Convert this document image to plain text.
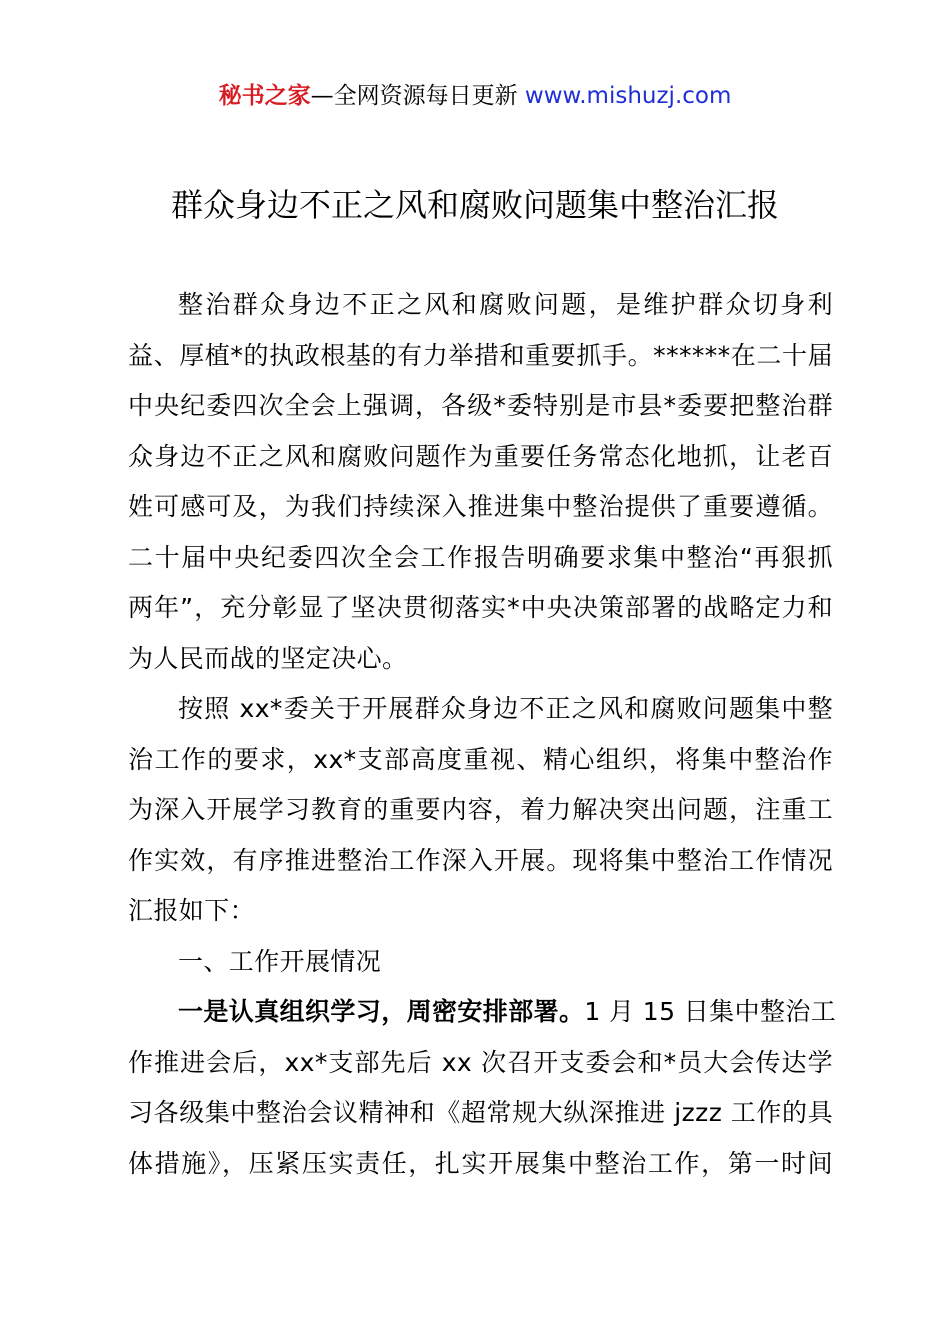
秘书之家—全网资源每日更新 www.mishuzj.com
群众身边不正之风和腐败问题集中整治汇报
整治群众身边不正之风和腐败问题，是维护群众切身利
益、厚植*的执政根基的有力举措和重要抓手。******在二十届
中央纪委四次全会上强调，各级*委特别是市县*委要把整治群
众身边不正之风和腐败问题作为重要任务常态化地抓，让老百
姓可感可及，为我们持续深入推进集中整治提供了重要遵循。
二十届中央纪委四次全会工作报告明确要求集中整治“再狠抓
两年”，充分彰显了坚决贯彻落实*中央决策部署的战略定力和
为人民而战的坚定决心。
按照 xx*委关于开展群众身边不正之风和腐败问题集中整
治工作的要求，xx*支部高度重视、精心组织，将集中整治作
为深入开展学习教育的重要内容，着力解决突出问题，注重工
作实效，有序推进整治工作深入开展。现将集中整治工作情况
汇报如下：
一、工作开展情况
一是认真组织学习，周密安排部署。1 月 15 日集中整治工
作推进会后，xx*支部先后 xx 次召开支委会和*员大会传达学
习各级集中整治会议精神和《超常规大纵深推进 jzzz 工作的具
体措施》，压紧压实责任，扎实开展集中整治工作，第一时间
